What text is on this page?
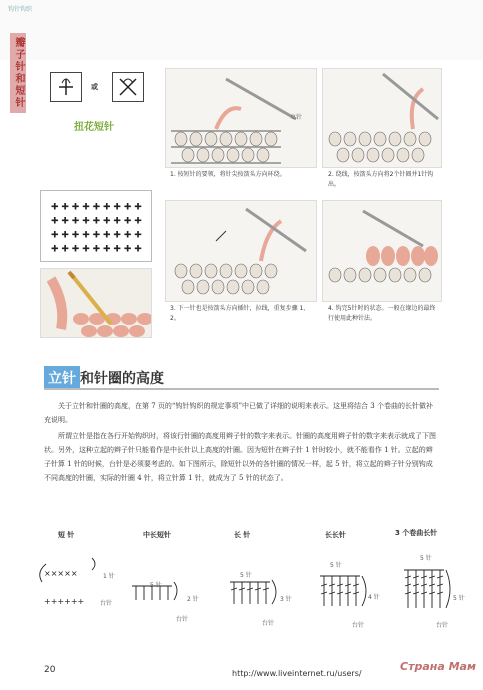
钩针钩织
瓣子针和短针	或
扭花短针
+ + + + + + + + +
+ + + + + + + + +
+ + + + + + + + +
+ + + + + + + + +
立针
1. 按短针的要领，将针尖按箭头方向环绕。	2. 绕线，按箭头方向将2个针圈并1针钩出。
3. 下一针也是按箭头方向插针，拉线，重复步骤 1、2。
4. 钩完5针时的状态。一般在缘边的最终行使用此种针法。
立针 和针圈的高度
关于立针和针圈的高度，在第 7 页的“钩针钩织的规定事项”中已做了详细的说明来表示。这里将结合 3 个卷曲的长针做补充说明。
所谓立针是指在各行开始钩织时，将该行针圈的高度用辫子针的数字来表示。针圈的高度用辫子针的数字来表示就成了下图状。另外，这种立起的辫子针只能看作是中长针以上高度的针圈。因为短针在辫子针 1 针时较小，就不能看作 1 针。立起的辫子针算 1 针的时候，台针是必须要考虑的。如下图所示，除短针以外的各针圈的情况一样，起 5 针，将立起的辫子针分别钩成不同高度的针圈，实际的针圈 4 针，将立针算 1 针，就成为了 5 针的状态了。
短 针	中长短针	长 针	长长针	3 个卷曲长针
×××××
++++++
1 针
台针
5 针
2 针
台针
5 针
3 针
台针
5 针
4 针
台针
5 针
5 针
台针
20	http://www.liveinternet.ru/users/
Страна Мам
